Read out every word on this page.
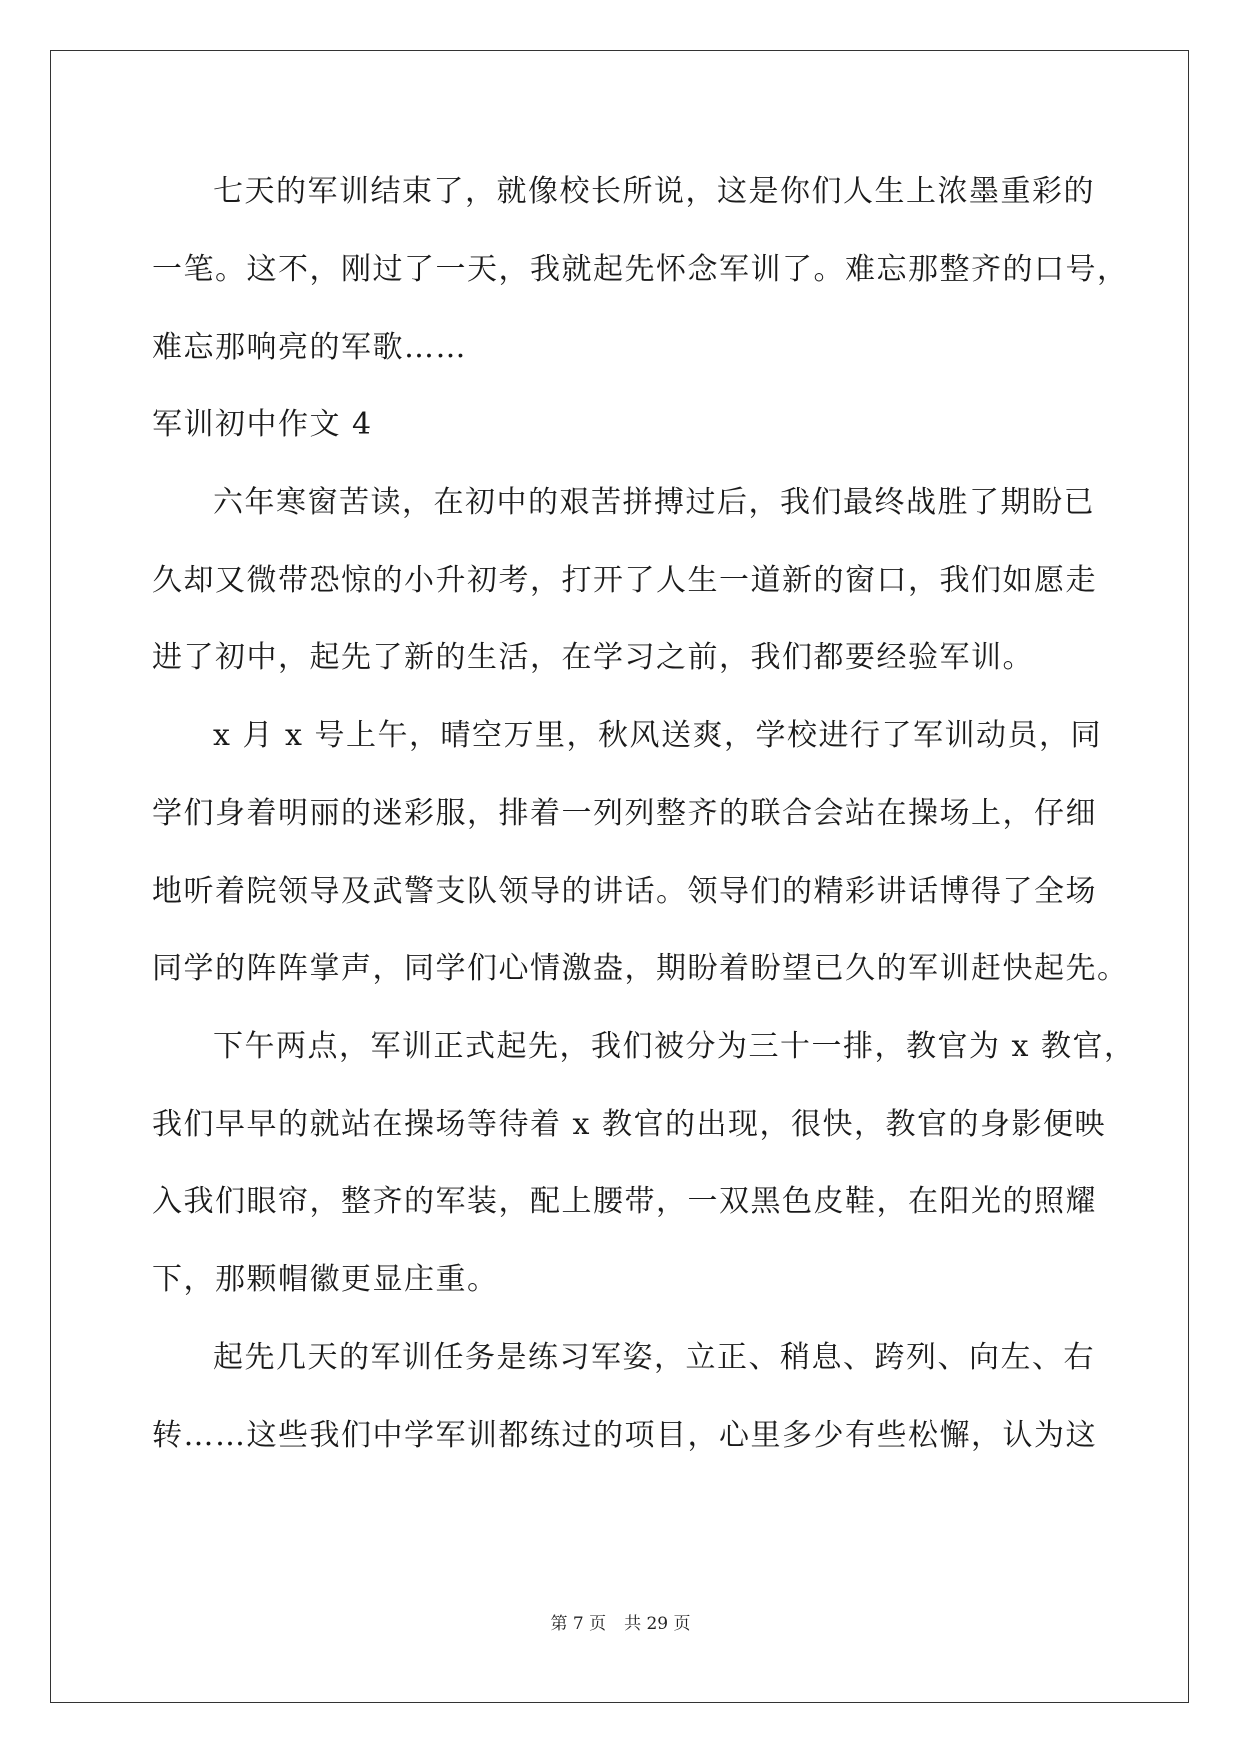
七天的军训结束了，就像校长所说，这是你们人生上浓墨重彩的
一笔。这不，刚过了一天，我就起先怀念军训了。难忘那整齐的口号，
难忘那响亮的军歌……
军训初中作文 4
六年寒窗苦读，在初中的艰苦拼搏过后，我们最终战胜了期盼已
久却又微带恐惊的小升初考，打开了人生一道新的窗口，我们如愿走
进了初中，起先了新的生活，在学习之前，我们都要经验军训。
x 月 x 号上午，晴空万里，秋风送爽，学校进行了军训动员，同
学们身着明丽的迷彩服，排着一列列整齐的联合会站在操场上，仔细
地听着院领导及武警支队领导的讲话。领导们的精彩讲话博得了全场
同学的阵阵掌声，同学们心情激盎，期盼着盼望已久的军训赶快起先。
下午两点，军训正式起先，我们被分为三十一排，教官为 x 教官，
我们早早的就站在操场等待着 x 教官的出现，很快，教官的身影便映
入我们眼帘，整齐的军装，配上腰带，一双黑色皮鞋，在阳光的照耀
下，那颗帽徽更显庄重。
起先几天的军训任务是练习军姿，立正、稍息、跨列、向左、右
转……这些我们中学军训都练过的项目，心里多少有些松懈，认为这
第 7 页 共 29 页
